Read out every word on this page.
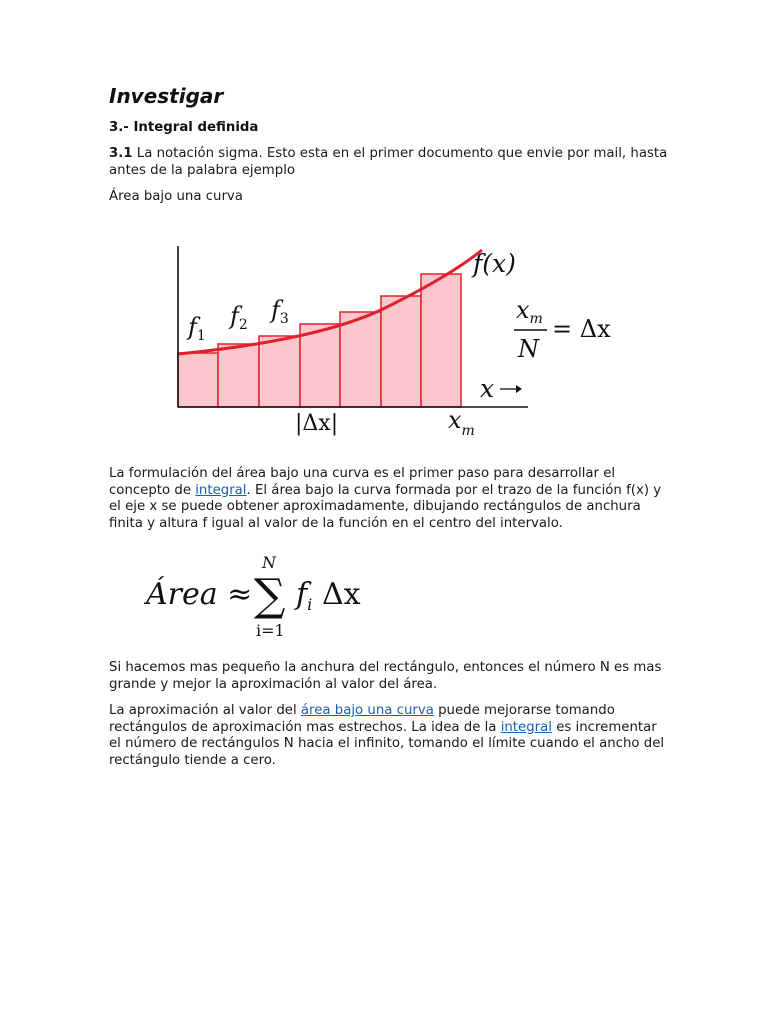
Investigar
3.- Integral definida

3.1 La notación sigma. Esto esta en el primer documento que envie por mail, hasta antes de la palabra ejemplo

Área bajo una curva

f(x)
$f_1$
$f_2$
$f_3$
x
|Δx|	$x_m$
$x_m$
N
= Δx

La formulación del área bajo una curva es el primer paso para desarrollar el concepto de integral. El área bajo la curva formada por el trazo de la función f(x) y el eje x se puede obtener aproximadamente, dibujando rectángulos de anchura finita y altura f igual al valor de la función en el centro del intervalo.

Área ≈
N
∑
i=1
$f_i$ Δx

Si hacemos mas pequeño la anchura del rectángulo, entonces el número N es mas grande y mejor la aproximación al valor del área.

La aproximación al valor del área bajo una curva puede mejorarse tomando rectángulos de aproximación mas estrechos. La idea de la integral es incrementar el número de rectángulos N hacia el infinito, tomando el límite cuando el ancho del rectángulo tiende a cero.
